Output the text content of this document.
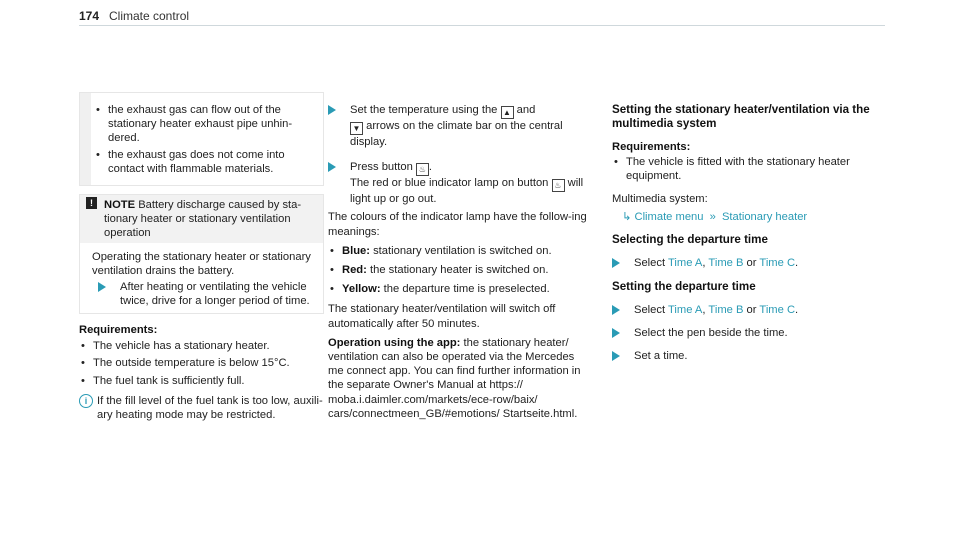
174 Climate control
• the exhaust gas can flow out of the stationary heater exhaust pipe unhin-dered.
• the exhaust gas does not come into contact with flammable materials.
! NOTE Battery discharge caused by sta-tionary heater or stationary ventilation operation

Operating the stationary heater or stationary ventilation drains the battery.

After heating or ventilating the vehicle twice, drive for a longer period of time.

Requirements:

• The vehicle has a stationary heater.
• The outside temperature is below 15°C.
• The fuel tank is sufficiently full.
i If the fill level of the fuel tank is too low, auxili-ary heating mode may be restricted.
Set the temperature using the ▲ and
▼ arrows on the climate bar on the central display.
Press button ♨ .
The red or blue indicator lamp on button ♨ will light up or go out.

The colours of the indicator lamp have the follow-ing meanings:

• Blue: stationary ventilation is switched on.
• Red: the stationary heater is switched on.
• Yellow: the departure time is preselected.

The stationary heater/ventilation will switch off automatically after 50 minutes.

Operation using the app: the stationary heater/ ventilation can also be operated via the Mercedes me connect app. You can find further information in the separate Owner's Manual at https:// moba.i.daimler.com/markets/ece-row/baix/ cars/connectmeen_GB/#emotions/ Startseite.html.

Setting the stationary heater/ventilation via the multimedia system

Requirements:

• The vehicle is fitted with the stationary heater equipment.

Multimedia system:

↳ Climate menu » Stationary heater

Selecting the departure time

Select Time A, Time B or Time C.

Setting the departure time

Select Time A, Time B or Time C.
Select the pen beside the time.
Set a time.
